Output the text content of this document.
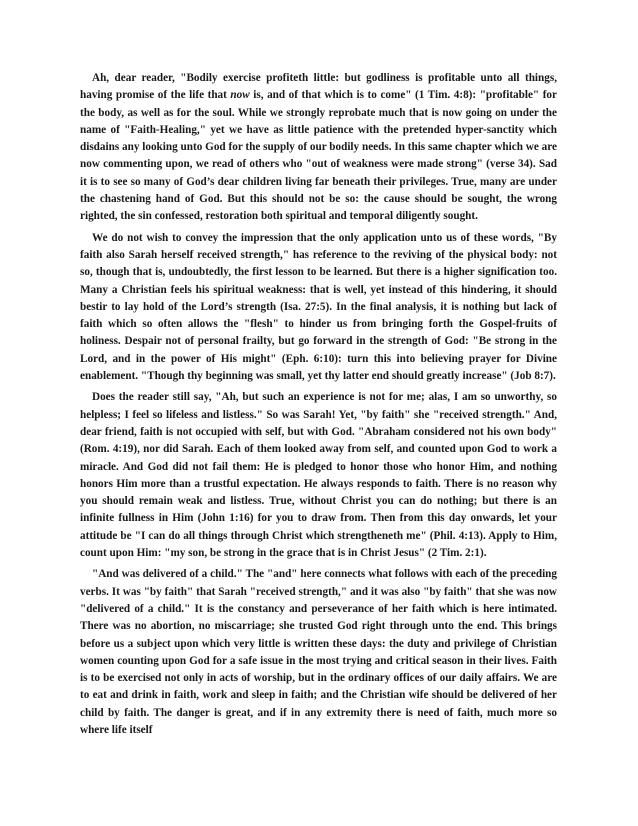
Ah, dear reader, "Bodily exercise profiteth little: but godliness is profitable unto all things, having promise of the life that now is, and of that which is to come" (1 Tim. 4:8): "profitable" for the body, as well as for the soul. While we strongly reprobate much that is now going on under the name of "Faith-Healing," yet we have as little patience with the pretended hyper-sanctity which disdains any looking unto God for the supply of our bodily needs. In this same chapter which we are now commenting upon, we read of others who "out of weakness were made strong" (verse 34). Sad it is to see so many of God’s dear children living far beneath their privileges. True, many are under the chastening hand of God. But this should not be so: the cause should be sought, the wrong righted, the sin confessed, restoration both spiritual and temporal diligently sought.

We do not wish to convey the impression that the only application unto us of these words, "By faith also Sarah herself received strength," has reference to the reviving of the physical body: not so, though that is, undoubtedly, the first lesson to be learned. But there is a higher signification too. Many a Christian feels his spiritual weakness: that is well, yet instead of this hindering, it should bestir to lay hold of the Lord’s strength (Isa. 27:5). In the final analysis, it is nothing but lack of faith which so often allows the "flesh" to hinder us from bringing forth the Gospel-fruits of holiness. Despair not of personal frailty, but go forward in the strength of God: "Be strong in the Lord, and in the power of His might" (Eph. 6:10): turn this into believing prayer for Divine enablement. "Though thy beginning was small, yet thy latter end should greatly increase" (Job 8:7).

Does the reader still say, "Ah, but such an experience is not for me; alas, I am so unworthy, so helpless; I feel so lifeless and listless." So was Sarah! Yet, "by faith" she "received strength." And, dear friend, faith is not occupied with self, but with God. "Abraham considered not his own body" (Rom. 4:19), nor did Sarah. Each of them looked away from self, and counted upon God to work a miracle. And God did not fail them: He is pledged to honor those who honor Him, and nothing honors Him more than a trustful expectation. He always responds to faith. There is no reason why you should remain weak and listless. True, without Christ you can do nothing; but there is an infinite fullness in Him (John 1:16) for you to draw from. Then from this day onwards, let your attitude be "I can do all things through Christ which strengtheneth me" (Phil. 4:13). Apply to Him, count upon Him: "my son, be strong in the grace that is in Christ Jesus" (2 Tim. 2:1).

"And was delivered of a child." The "and" here connects what follows with each of the preceding verbs. It was "by faith" that Sarah "received strength," and it was also "by faith" that she was now "delivered of a child." It is the constancy and perseverance of her faith which is here intimated. There was no abortion, no miscarriage; she trusted God right through unto the end. This brings before us a subject upon which very little is written these days: the duty and privilege of Christian women counting upon God for a safe issue in the most trying and critical season in their lives. Faith is to be exercised not only in acts of worship, but in the ordinary offices of our daily affairs. We are to eat and drink in faith, work and sleep in faith; and the Christian wife should be delivered of her child by faith. The danger is great, and if in any extremity there is need of faith, much more so where life itself
